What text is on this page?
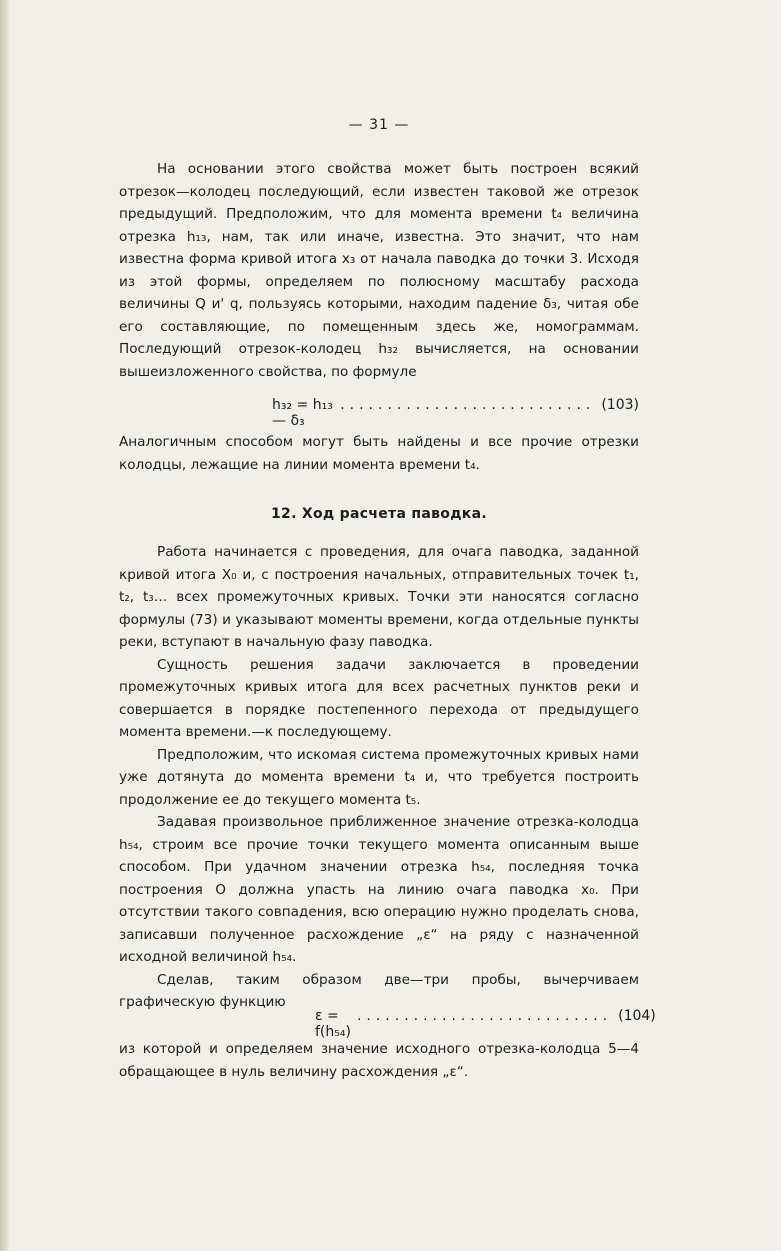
— 31 —

На основании этого свойства может быть построен всякий отрезок—колодец последующий, если известен таковой же отрезок предыдущий. Предположим, что для момента времени t₄ величина отрезка h₁₃, нам, так или иначе, известна. Это значит, что нам известна форма кривой итога x₃ от начала паводка до точки 3. Исходя из этой формы, определяем по полюсному масштабу расхода величины Q и' q, пользуясь которыми, находим падение δ₃, читая обе его составляющие, по помещенным здесь же, номограммам. Последующий отрезок-колодец h₃₂ вычисляется, на основании вышеизложенного свойства, по формуле

h₃₂ = h₁₃ — δ₃
........................... (103)

Аналогичным способом могут быть найдены и все прочие отрезки колодцы, лежащие на линии момента времени t₄.

12. Ход расчета паводка.

Работа начинается с проведения, для очага паводка, заданной кривой итога X₀ и, с построения начальных, отправительных точек t₁, t₂, t₃… всех промежуточных кривых. Точки эти наносятся согласно формулы (73) и указывают моменты времени, когда отдельные пункты реки, вступают в начальную фазу паводка.

Сущность решения задачи заключается в проведении промежуточных кривых итога для всех расчетных пунктов реки и совершается в порядке постепенного перехода от предыдущего момента времени.—к последующему.

Предположим, что искомая система промежуточных кривых нами уже дотянута до момента времени t₄ и, что требуется построить продолжение ее до текущего момента t₅.

Задавая произвольное приближенное значение отрезка-колодца h₅₄, строим все прочие точки текущего момента описанным выше способом. При удачном значении отрезка h₅₄, последняя точка построения О должна упасть на линию очага паводка x₀. При отсутствии такого совпадения, всю операцию нужно проделать снова, записавши полученное расхождение „ε“ на ряду с назначенной исходной величиной h₅₄.

Сделав, таким образом две—три пробы, вычерчиваем графическую функцию

ε = f(h₅₄)
........................... (104)

из которой и определяем значение исходного отрезка-колодца 5—4 обращающее в нуль величину расхождения „ε“.
